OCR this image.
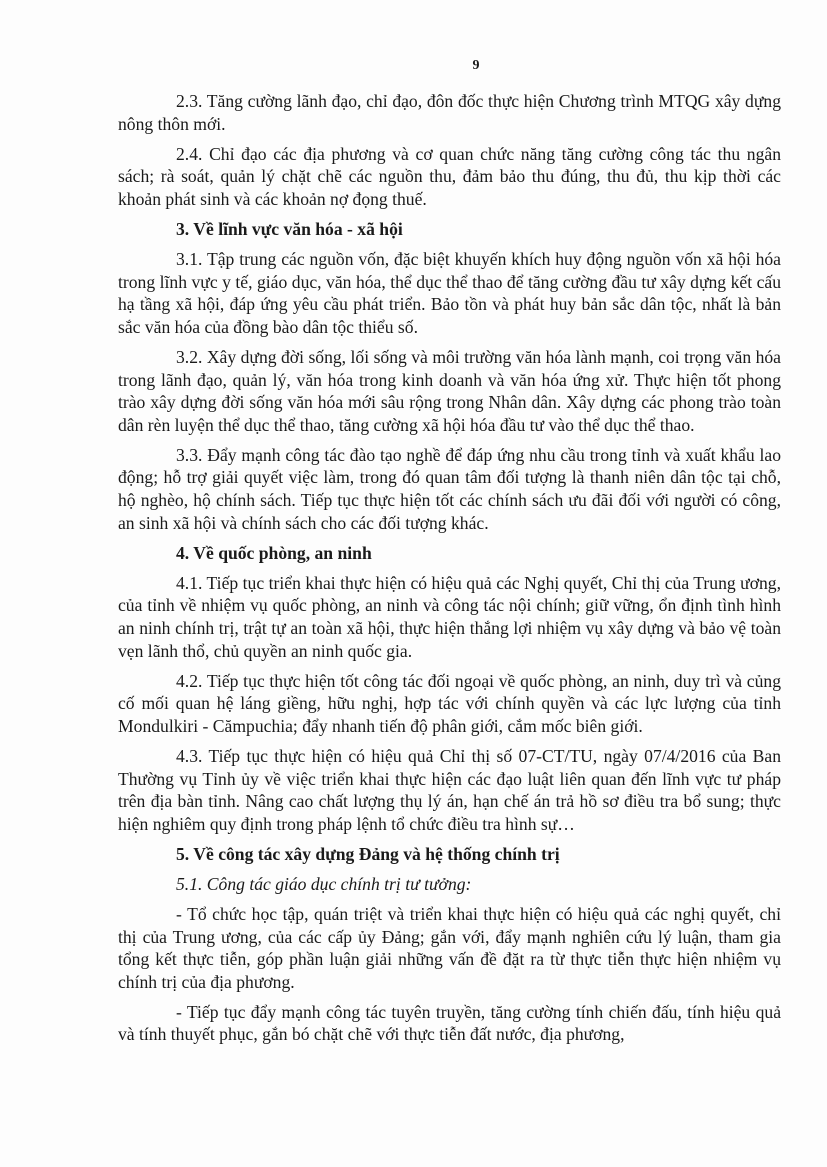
9

2.3. Tăng cường lãnh đạo, chỉ đạo, đôn đốc thực hiện Chương trình MTQG xây dựng nông thôn mới.

2.4. Chỉ đạo các địa phương và cơ quan chức năng tăng cường công tác thu ngân sách; rà soát, quản lý chặt chẽ các nguồn thu, đảm bảo thu đúng, thu đủ, thu kịp thời các khoản phát sinh và các khoản nợ đọng thuế.

3. Về lĩnh vực văn hóa - xã hội

3.1. Tập trung các nguồn vốn, đặc biệt khuyến khích huy động nguồn vốn xã hội hóa trong lĩnh vực y tế, giáo dục, văn hóa, thể dục thể thao để tăng cường đầu tư xây dựng kết cấu hạ tầng xã hội, đáp ứng yêu cầu phát triển. Bảo tồn và phát huy bản sắc dân tộc, nhất là bản sắc văn hóa của đồng bào dân tộc thiểu số.

3.2. Xây dựng đời sống, lối sống và môi trường văn hóa lành mạnh, coi trọng văn hóa trong lãnh đạo, quản lý, văn hóa trong kinh doanh và văn hóa ứng xử. Thực hiện tốt phong trào xây dựng đời sống văn hóa mới sâu rộng trong Nhân dân. Xây dựng các phong trào toàn dân rèn luyện thể dục thể thao, tăng cường xã hội hóa đầu tư vào thể dục thể thao.

3.3. Đẩy mạnh công tác đào tạo nghề để đáp ứng nhu cầu trong tỉnh và xuất khẩu lao động; hỗ trợ giải quyết việc làm, trong đó quan tâm đối tượng là thanh niên dân tộc tại chỗ, hộ nghèo, hộ chính sách. Tiếp tục thực hiện tốt các chính sách ưu đãi đối với người có công, an sinh xã hội và chính sách cho các đối tượng khác.

4. Về quốc phòng, an ninh

4.1. Tiếp tục triển khai thực hiện có hiệu quả các Nghị quyết, Chỉ thị của Trung ương, của tỉnh về nhiệm vụ quốc phòng, an ninh và công tác nội chính; giữ vững, ổn định tình hình an ninh chính trị, trật tự an toàn xã hội, thực hiện thắng lợi nhiệm vụ xây dựng và bảo vệ toàn vẹn lãnh thổ, chủ quyền an ninh quốc gia.

4.2. Tiếp tục thực hiện tốt công tác đối ngoại về quốc phòng, an ninh, duy trì và củng cố mối quan hệ láng giềng, hữu nghị, hợp tác với chính quyền và các lực lượng của tỉnh Mondulkiri - Cămpuchia; đẩy nhanh tiến độ phân giới, cắm mốc biên giới.

4.3. Tiếp tục thực hiện có hiệu quả Chỉ thị số 07-CT/TU, ngày 07/4/2016 của Ban Thường vụ Tỉnh ủy về việc triển khai thực hiện các đạo luật liên quan đến lĩnh vực tư pháp trên địa bàn tỉnh. Nâng cao chất lượng thụ lý án, hạn chế án trả hồ sơ điều tra bổ sung; thực hiện nghiêm quy định trong pháp lệnh tổ chức điều tra hình sự…

5. Về công tác xây dựng Đảng và hệ thống chính trị

5.1. Công tác giáo dục chính trị tư tưởng:

- Tổ chức học tập, quán triệt và triển khai thực hiện có hiệu quả các nghị quyết, chỉ thị của Trung ương, của các cấp ủy Đảng; gắn với, đẩy mạnh nghiên cứu lý luận, tham gia tổng kết thực tiễn, góp phần luận giải những vấn đề đặt ra từ thực tiễn thực hiện nhiệm vụ chính trị của địa phương.

- Tiếp tục đẩy mạnh công tác tuyên truyền, tăng cường tính chiến đấu, tính hiệu quả và tính thuyết phục, gắn bó chặt chẽ với thực tiễn đất nước, địa phương,
